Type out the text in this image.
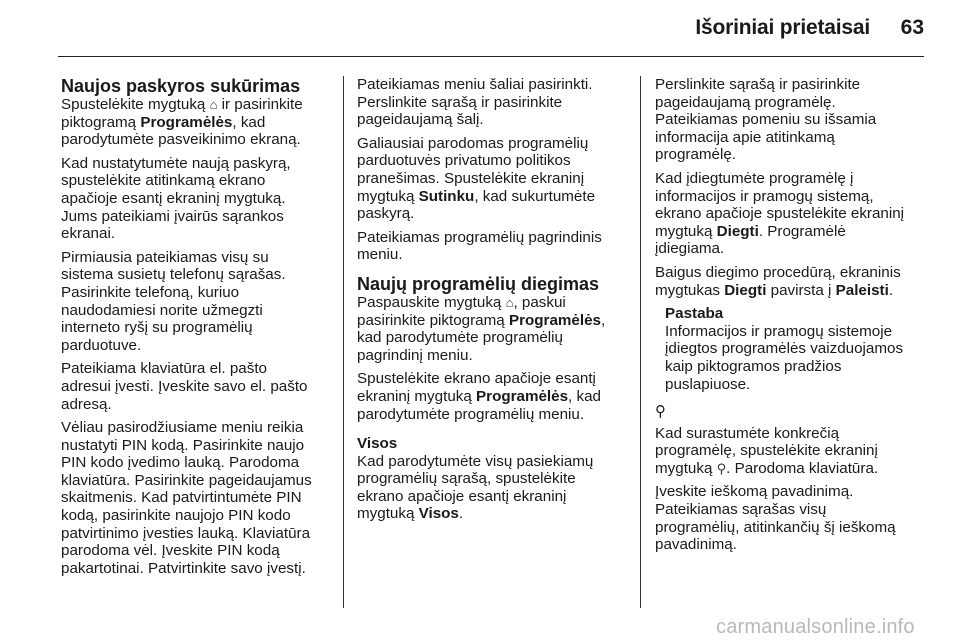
Išoriniai prietaisai	63
Naujos paskyros sukūrimas

Spustelėkite mygtuką ⌂ ir pasirinkite
piktogramą Programėlės, kad
parodytumėte pasveikinimo ekraną.

Kad nustatytumėte naują paskyrą,
spustelėkite atitinkamą ekrano
apačioje esantį ekraninį mygtuką.
Jums pateikiami įvairūs sąrankos
ekranai.

Pirmiausia pateikiamas visų su
sistema susietų telefonų sąrašas.
Pasirinkite telefoną, kuriuo
naudodamiesi norite užmegzti
interneto ryšį su programėlių
parduotuve.

Pateikiama klaviatūra el. pašto
adresui įvesti. Įveskite savo el. pašto
adresą.

Vėliau pasirodžiusiame meniu reikia
nustatyti PIN kodą. Pasirinkite naujo
PIN kodo įvedimo lauką. Parodoma
klaviatūra. Pasirinkite pageidaujamus
skaitmenis. Kad patvirtintumėte PIN
kodą, pasirinkite naujojo PIN kodo
patvirtinimo įvesties lauką. Klaviatūra
parodoma vėl. Įveskite PIN kodą
pakartotinai. Patvirtinkite savo įvestį.

Pateikiamas meniu šaliai pasirinkti.
Perslinkite sąrašą ir pasirinkite
pageidaujamą šalį.

Galiausiai parodomas programėlių
parduotuvės privatumo politikos
pranešimas. Spustelėkite ekraninį
mygtuką Sutinku, kad sukurtumėte
paskyrą.

Pateikiamas programėlių pagrindinis
meniu.

Naujų programėlių diegimas

Paspauskite mygtuką ⌂, paskui
pasirinkite piktogramą Programėlės,
kad parodytumėte programėlių
pagrindinį meniu.

Spustelėkite ekrano apačioje esantį
ekraninį mygtuką Programėlės, kad
parodytumėte programėlių meniu.

Visos

Kad parodytumėte visų pasiekiamų
programėlių sąrašą, spustelėkite
ekrano apačioje esantį ekraninį
mygtuką Visos.

Perslinkite sąrašą ir pasirinkite
pageidaujamą programėlę.
Pateikiamas pomeniu su išsamia
informacija apie atitinkamą
programėlę.

Kad įdiegtumėte programėlę į
informacijos ir pramogų sistemą,
ekrano apačioje spustelėkite ekraninį
mygtuką Diegti. Programėlė
įdiegiama.

Baigus diegimo procedūrą, ekraninis
mygtukas Diegti pavirsta į Paleisti.

Pastaba
Informacijos ir pramogų sistemoje
įdiegtos programėlės vaizduojamos
kaip piktogramos pradžios
puslapiuose.
⚲

Kad surastumėte konkrečią
programėlę, spustelėkite ekraninį
mygtuką ⚲. Parodoma klaviatūra.

Įveskite ieškomą pavadinimą.
Pateikiamas sąrašas visų
programėlių, atitinkančių šį ieškomą
pavadinimą.

carmanualsonline.info
